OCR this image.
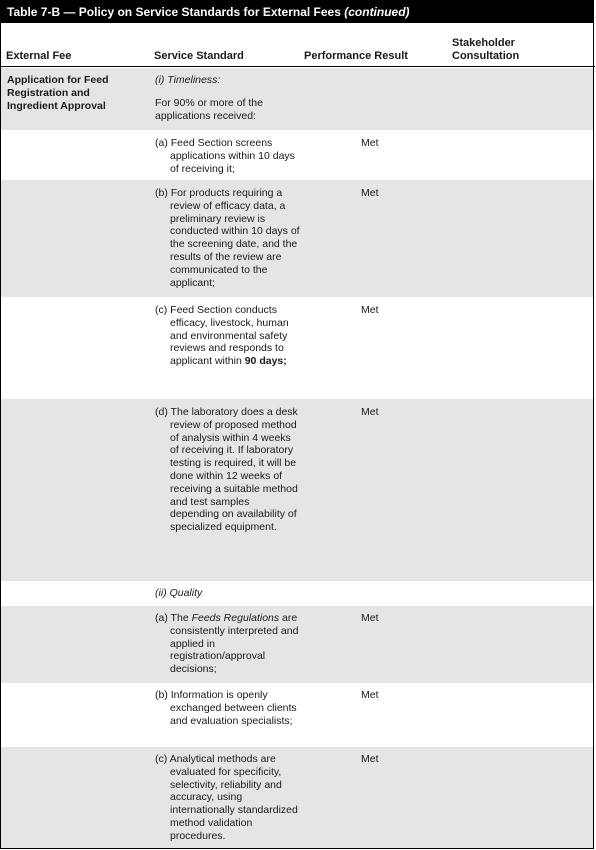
Table 7-B — Policy on Service Standards for External Fees (continued)
External Fee	Service Standard	Performance Result
Stakeholder Consultation
Application for Feed Registration and Ingredient Approval
(i) Timeliness:
For 90% or more of the applications received:
(a) Feed Section screens applications within 10 days of receiving it;
Met
(b) For products requiring a review of efficacy data, a preliminary review is conducted within 10 days of the screening date, and the results of the review are communicated to the applicant;
Met
(c) Feed Section conducts efficacy, livestock, human and environmental safety reviews and responds to applicant within 90 days;
Met
(d) The laboratory does a desk review of proposed method of analysis within 4 weeks of receiving it. If laboratory testing is required, it will be done within 12 weeks of receiving a suitable method and test samples depending on availability of specialized equipment.
Met
(ii) Quality
(a) The Feeds Regulations are consistently interpreted and applied in registration/approval decisions;
Met
(b) Information is openly exchanged between clients and evaluation specialists;
Met
(c) Analytical methods are evaluated for specificity, selectivity, reliability and accuracy, using internationally standardized method validation procedures.
Met
